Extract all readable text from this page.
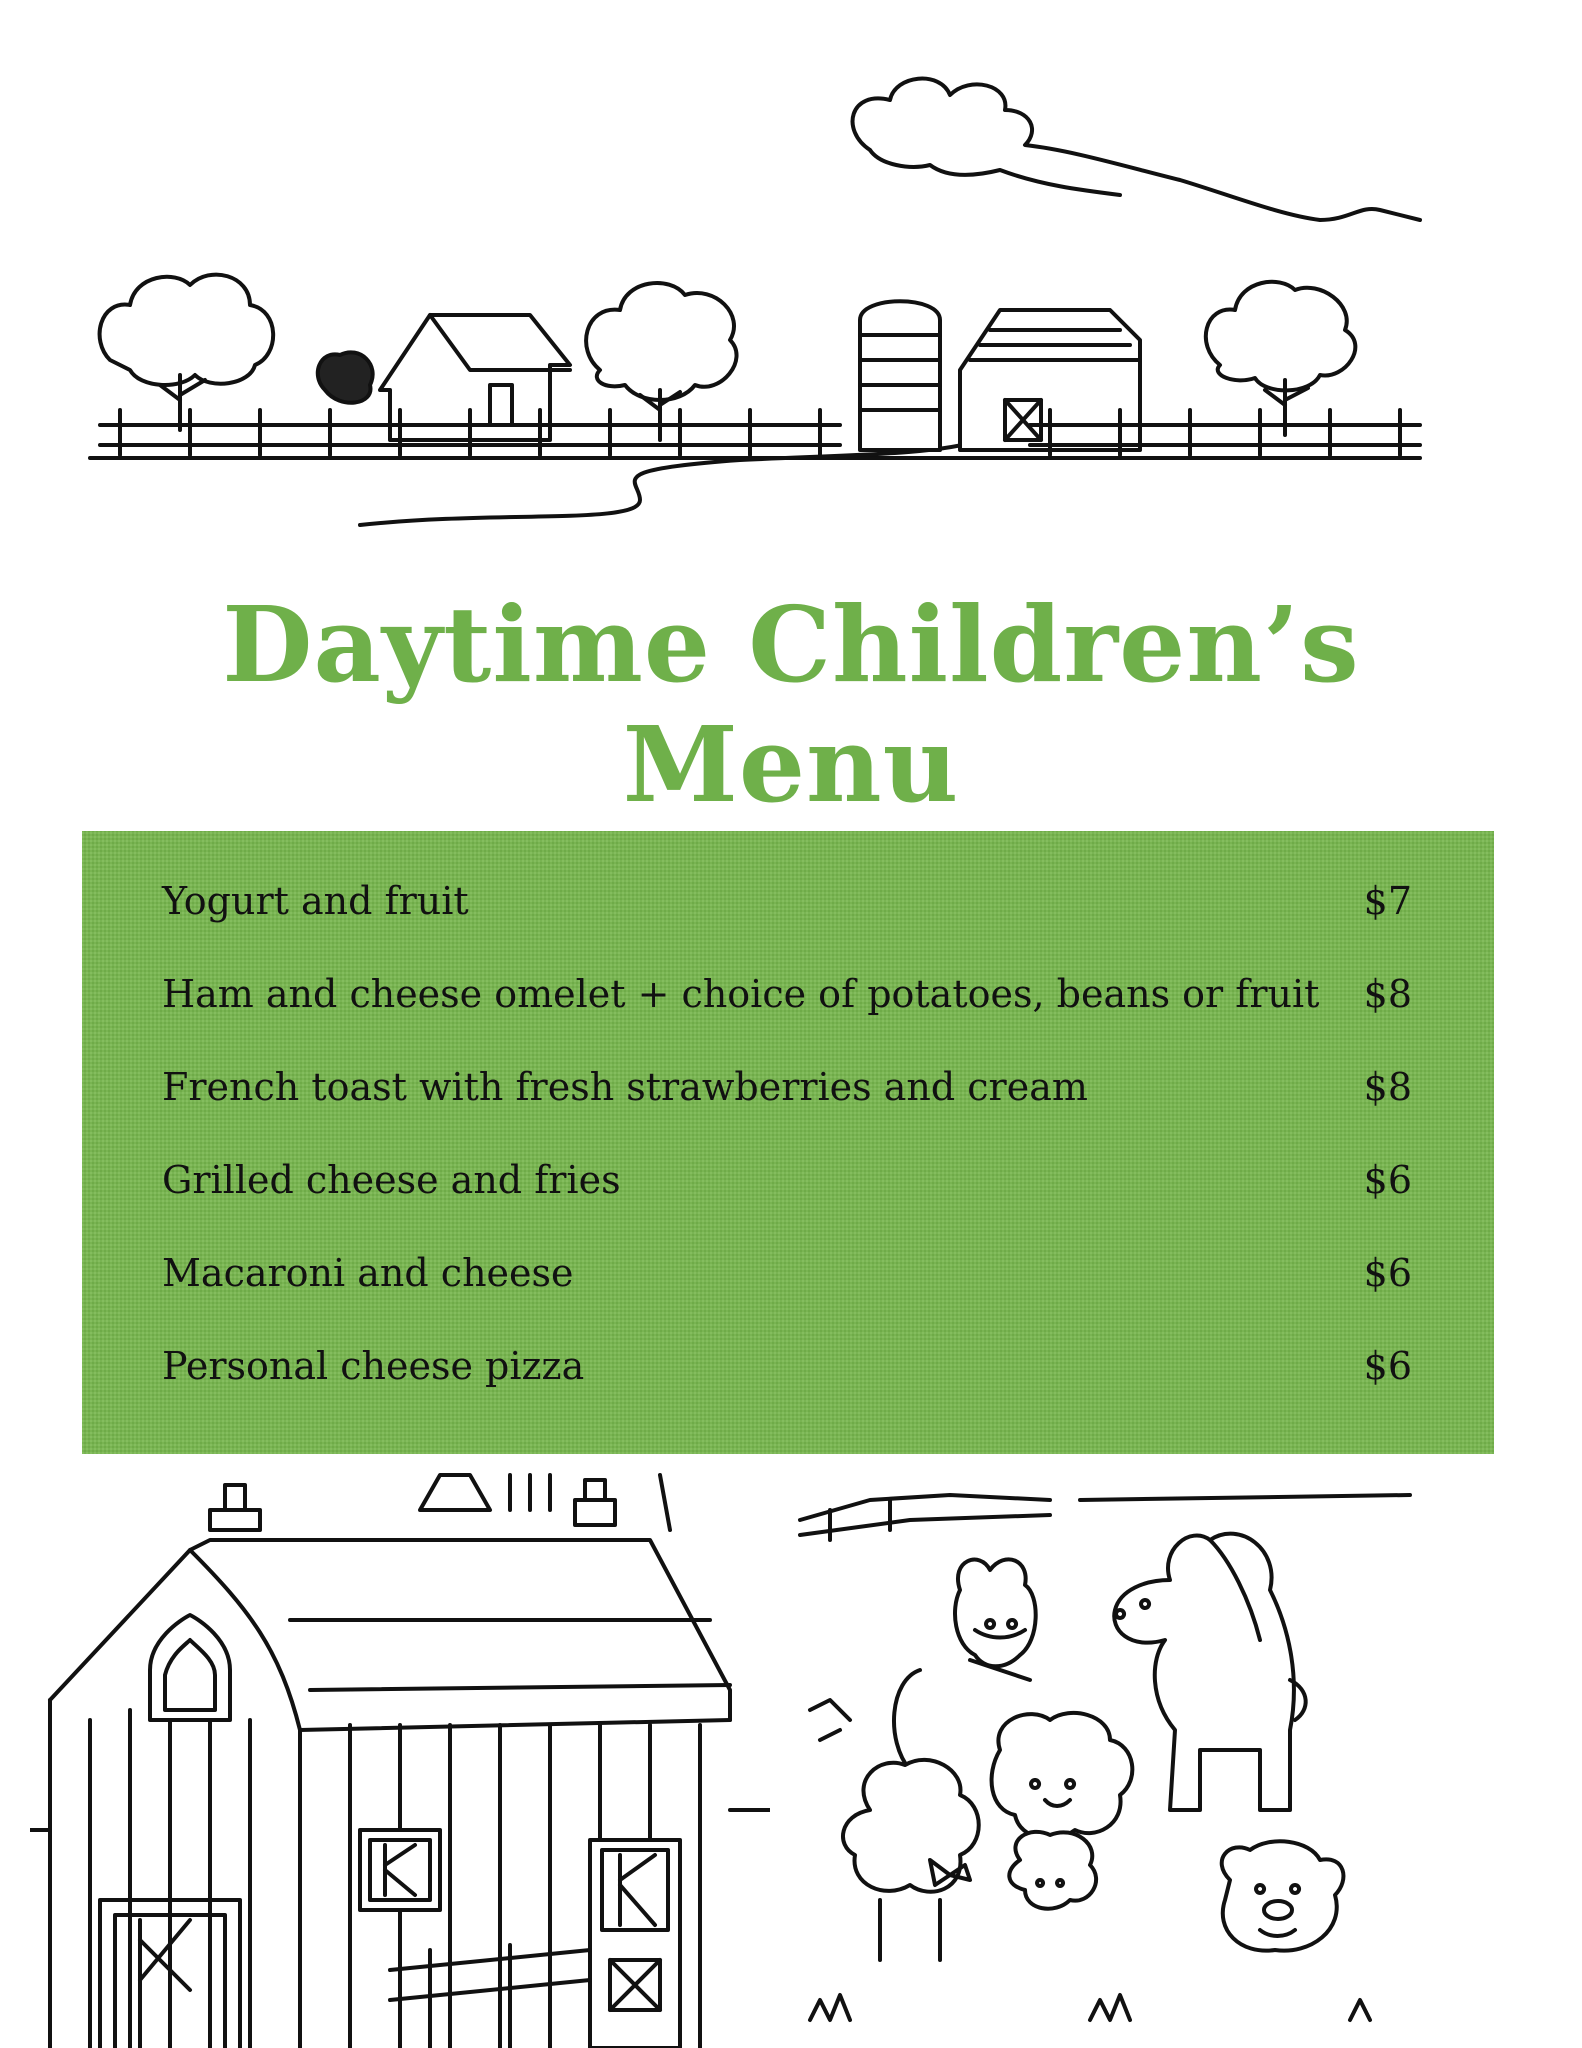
Daytime Children’s
Menu
Yogurt and fruit	$7
Ham and cheese omelet + choice of potatoes, beans or fruit $8
French toast with fresh strawberries and cream	$8
Grilled cheese and fries	$6
Macaroni and cheese	$6
Personal cheese pizza	$6
